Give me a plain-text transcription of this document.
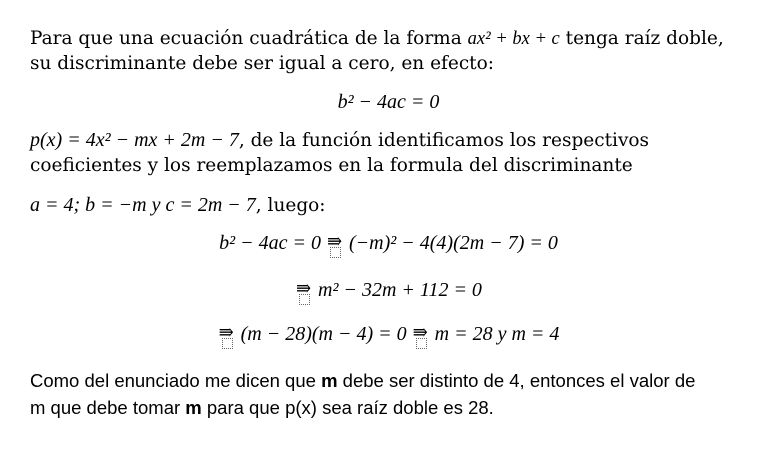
Para que una ecuación cuadrática de la forma ax² + bx + c tenga raíz doble,
su discriminante debe ser igual a cero, en efecto:
b² − 4ac = 0
p(x) = 4x² − mx + 2m − 7, de la función identificamos los respectivos
coeficientes y los reemplazamos en la formula del discriminante
a = 4; b = −m y c = 2m − 7, luego:
b² − 4ac = 0 ⇛ (−m)² − 4(4)(2m − 7) = 0
⇛ m² − 32m + 112 = 0
⇛ (m − 28)(m − 4) = 0 ⇛ m = 28 y m = 4
Como del enunciado me dicen que m debe ser distinto de 4, entonces el valor de
m que debe tomar m para que p(x) sea raíz doble es 28.
